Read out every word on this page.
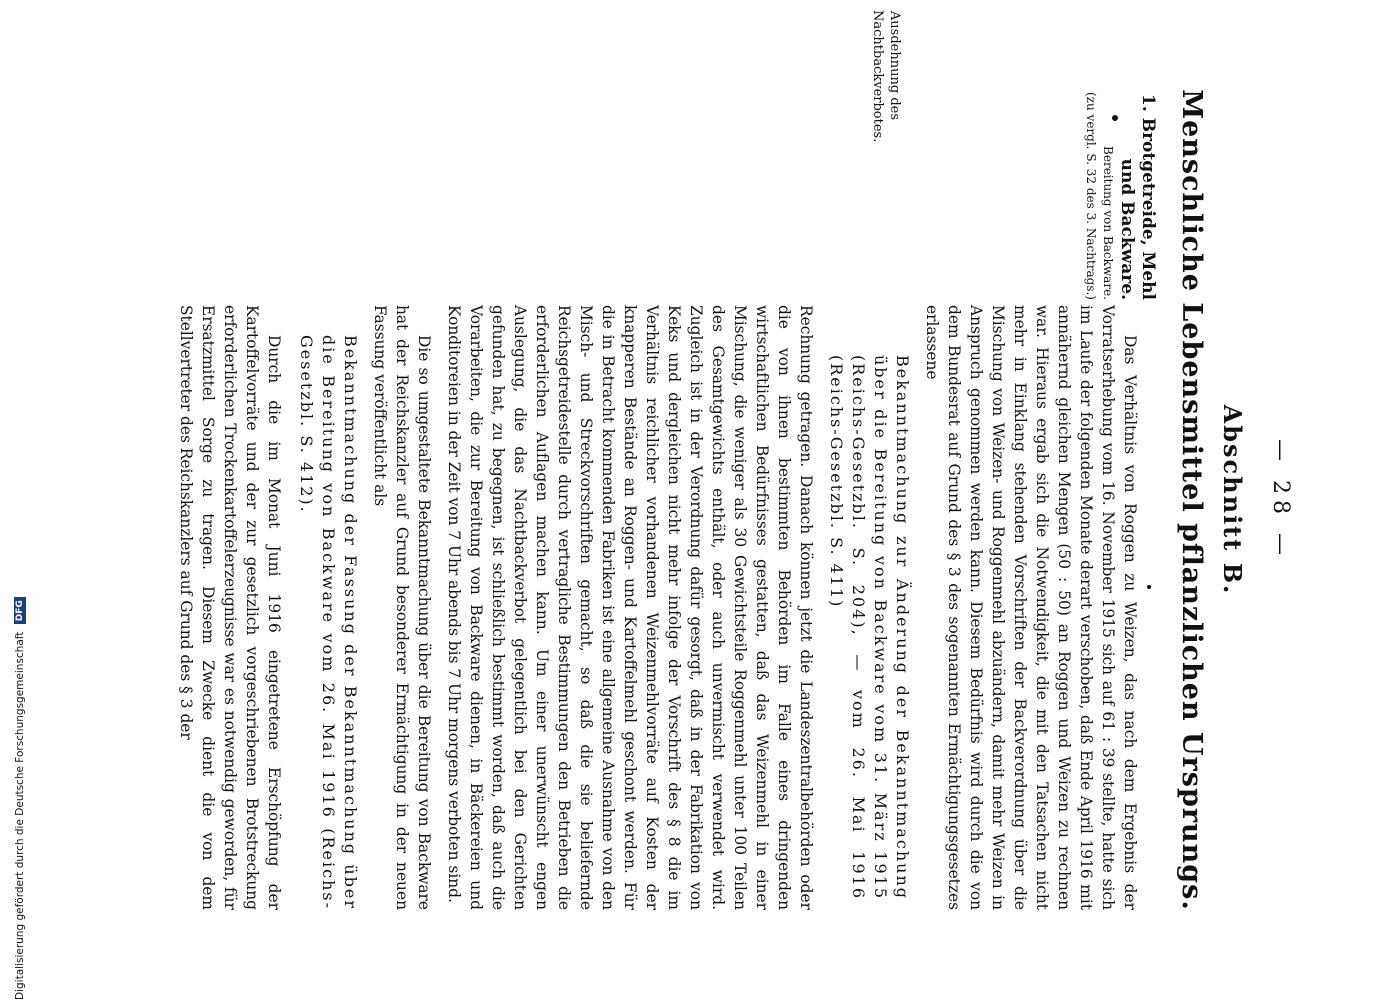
— 28 —
Abschnitt B.
Menschliche Lebensmittel pflanzlichen Ursprungs.
1. Brotgetreide, Mehl und Backware.
Bereitung von Backware.
(zu vergl. S. 32 des 3. Nachtrags.)
Ausdehnung des Nachtbackverbotes.

Das Verhältnis von Roggen zu Weizen, das nach dem Ergebnis der Vorratserhebung vom 16. November 1915 sich auf 61 : 39 stellte, hatte sich im Laufe der folgenden Monate derart verschoben, daß Ende April 1916 mit annähernd gleichen Mengen (50 : 50) an Roggen und Weizen zu rechnen war. Hieraus ergab sich die Notwendigkeit, die mit den Tatsachen nicht mehr in Einklang stehenden Vorschriften der Backverordnung über die Mischung von Weizen- und Roggenmehl abzuändern, damit mehr Weizen in Anspruch genommen werden kann. Diesem Bedürfnis wird durch die von dem Bundesrat auf Grund des § 3 des sogenannten Ermächtigungsgesetzes erlassene

Bekanntmachung zur Änderung der Bekanntmachung über die Bereitung von Backware vom 31. März 1915 (Reichs-Gesetzbl. S. 204), — vom 26. Mai 1916 (Reichs-Gesetzbl. S. 411)

Rechnung getragen. Danach können jetzt die Landeszentralbehörden oder die von ihnen bestimmten Behörden im Falle eines dringenden wirtschaftlichen Bedürfnisses gestatten, daß das Weizenmehl in einer Mischung, die weniger als 30 Gewichtsteile Roggenmehl unter 100 Teilen des Gesamtgewichts enthält, oder auch unvermischt verwendet wird. Zugleich ist in der Verordnung dafür gesorgt, daß in der Fabrikation von Keks und dergleichen nicht mehr infolge der Vorschrift des § 8 die im Verhältnis reichlicher vorhandenen Weizenmehlvorräte auf Kosten der knapperen Bestände an Roggen- und Kartoffelmehl geschont werden. Für die in Betracht kommenden Fabriken ist eine allgemeine Ausnahme von den Misch- und Streckvorschriften gemacht, so daß die sie beliefernde Reichsgetreidestelle durch vertragliche Bestimmungen den Betrieben die erforderlichen Auflagen machen kann. Um einer unerwünscht engen Auslegung, die das Nachtbackverbot gelegentlich bei den Gerichten gefunden hat, zu begegnen, ist schließlich bestimmt worden, daß auch die Vorarbeiten, die zur Bereitung von Backware dienen, in Bäckereien und Konditoreien in der Zeit von 7 Uhr abends bis 7 Uhr morgens verboten sind.

Die so umgestaltete Bekanntmachung über die Bereitung von Backware hat der Reichskanzler auf Grund besonderer Ermächtigung in der neuen Fassung veröffentlicht als

Bekanntmachung der Fassung der Bekanntmachung über die Bereitung von Backware vom 26. Mai 1916 (Reichs-Gesetzbl. S. 412).

Durch die im Monat Juni 1916 eingetretene Erschöpfung der Kartoffelvorräte und der zur gesetzlich vorgeschriebenen Brotstreckung erforderlichen Trockenkartoffelerzeugnisse war es notwendig geworden, für Ersatzmittel Sorge zu tragen. Diesem Zwecke dient die von dem Stellvertreter des Reichskanzlers auf Grund des § 3 der

Digitalisierung gefördert durch die Deutsche Forschungsgemeinschaft DFG
